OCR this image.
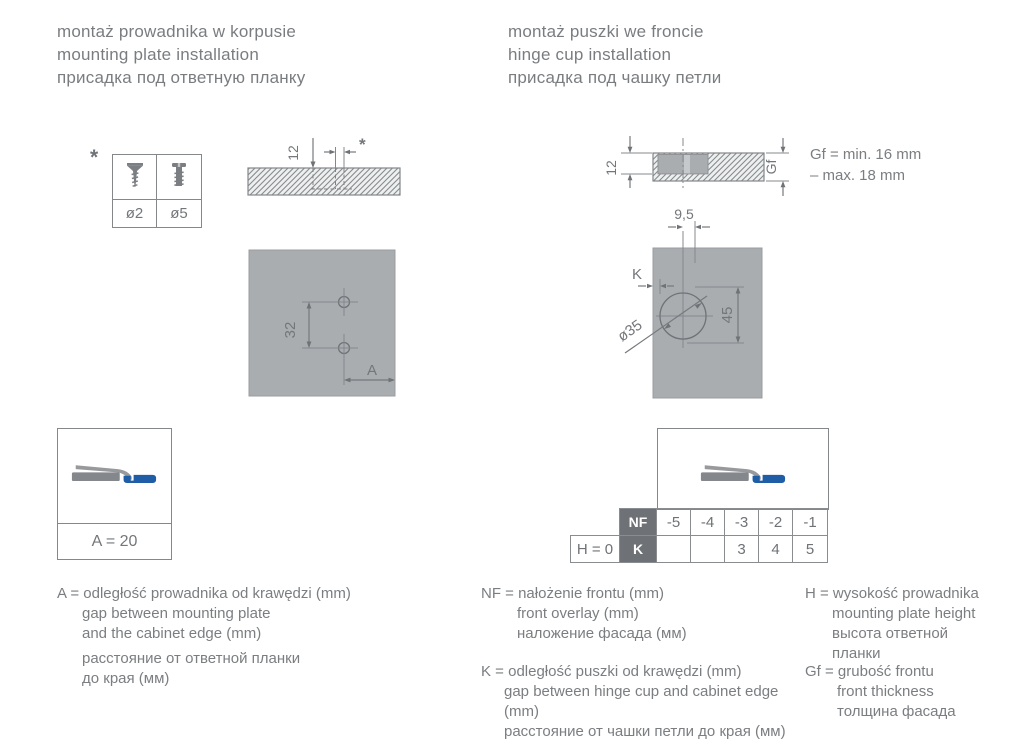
montaż prowadnika w korpusie
mounting plate installation
присадка под ответную планку
*
ø2	ø5
12	*
32
A
A = 20
A = odległość prowadnika od krawędzi (mm)
gap between mounting plate
and the cabinet edge (mm)
расстояние от ответной планки
до края (мм)
montaż puszki we froncie
hinge cup installation
присадка под чашку петли
12	Gf
Gf = min. 16 mm
– max. 18 mm
9,5
K
ø35
45
	NF	-5	-4	-3	-2	-1
H = 0	K			3	4	5
NF = nałożenie frontu (mm)
front overlay (mm)
наложение фасада (мм)
K = odległość puszki od krawędzi (mm)
gap between hinge cup and cabinet edge (mm)
расстояние от чашки петли до края (мм)
H = wysokość prowadnika
mounting plate height
высота ответной
планки
Gf = grubość frontu
front thickness
толщина фасада
